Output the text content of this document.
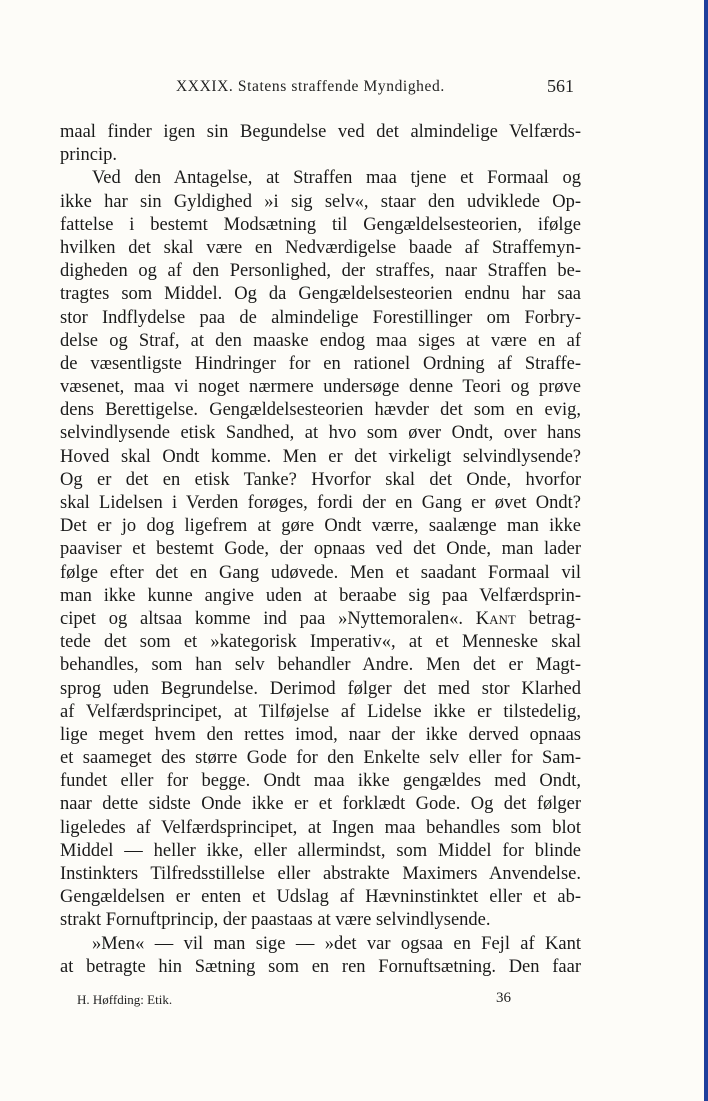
XXXIX. Statens straffende Myndighed.	561
maal finder igen sin Begundelse ved det almindelige Velfærds-
princip.
Ved den Antagelse, at Straffen maa tjene et Formaal og
ikke har sin Gyldighed »i sig selv«, staar den udviklede Op-
fattelse i bestemt Modsætning til Gengældelsesteorien, ifølge
hvilken det skal være en Nedværdigelse baade af Straffemyn-
digheden og af den Personlighed, der straffes, naar Straffen be-
tragtes som Middel. Og da Gengældelsesteorien endnu har saa
stor Indflydelse paa de almindelige Forestillinger om Forbry-
delse og Straf, at den maaske endog maa siges at være en af
de væsentligste Hindringer for en rationel Ordning af Straffe-
væsenet, maa vi noget nærmere undersøge denne Teori og prøve
dens Berettigelse. Gengældelsesteorien hævder det som en evig,
selvindlysende etisk Sandhed, at hvo som øver Ondt, over hans
Hoved skal Ondt komme. Men er det virkeligt selvindlysende?
Og er det en etisk Tanke? Hvorfor skal det Onde, hvorfor
skal Lidelsen i Verden forøges, fordi der en Gang er øvet Ondt?
Det er jo dog ligefrem at gøre Ondt værre, saalænge man ikke
paaviser et bestemt Gode, der opnaas ved det Onde, man lader
følge efter det en Gang udøvede. Men et saadant Formaal vil
man ikke kunne angive uden at beraabe sig paa Velfærdsprin-
cipet og altsaa komme ind paa »Nyttemoralen«. Kant betrag-
tede det som et »kategorisk Imperativ«, at et Menneske skal
behandles, som han selv behandler Andre. Men det er Magt-
sprog uden Begrundelse. Derimod følger det med stor Klarhed
af Velfærdsprincipet, at Tilføjelse af Lidelse ikke er tilstedelig,
lige meget hvem den rettes imod, naar der ikke derved opnaas
et saameget des større Gode for den Enkelte selv eller for Sam-
fundet eller for begge. Ondt maa ikke gengældes med Ondt,
naar dette sidste Onde ikke er et forklædt Gode. Og det følger
ligeledes af Velfærdsprincipet, at Ingen maa behandles som blot
Middel — heller ikke, eller allermindst, som Middel for blinde
Instinkters Tilfredsstillelse eller abstrakte Maximers Anvendelse.
Gengældelsen er enten et Udslag af Hævninstinktet eller et ab-
strakt Fornuftprincip, der paastaas at være selvindlysende.
»Men« — vil man sige — »det var ogsaa en Fejl af Kant
at betragte hin Sætning som en ren Fornuftsætning. Den faar
H. Høffding: Etik.	36
